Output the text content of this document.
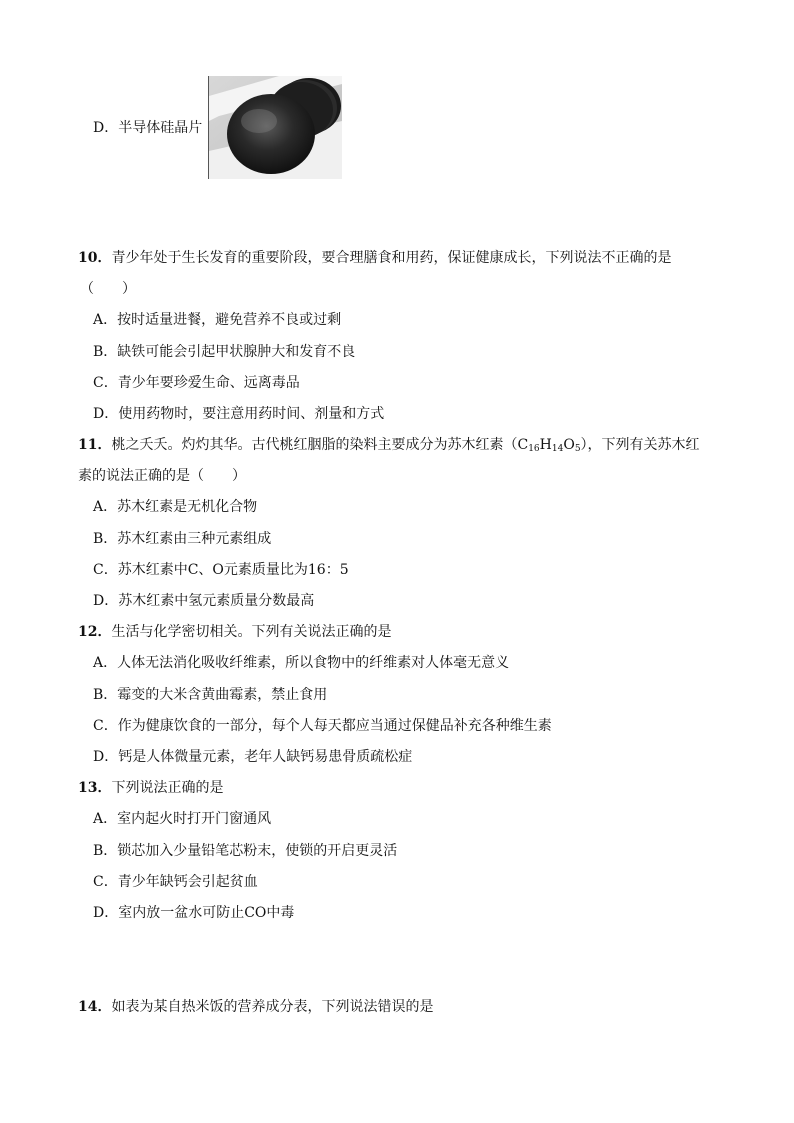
D．半导体硅晶片
10．青少年处于生长发育的重要阶段，要合理膳食和用药，保证健康成长，下列说法不正确的是
（　　）
A．按时适量进餐，避免营养不良或过剩
B．缺铁可能会引起甲状腺肿大和发育不良
C．青少年要珍爱生命、远离毒品
D．使用药物时，要注意用药时间、剂量和方式
11．桃之夭夭。灼灼其华。古代桃红胭脂的染料主要成分为苏木红素$(C_{16}H_{14}O_5)$，下列有关苏木红
素的说法正确的是（　　）
A．苏木红素是无机化合物
B．苏木红素由三种元素组成
C．苏木红素中C、O元素质量比为16：5
D．苏木红素中氢元素质量分数最高
12．生活与化学密切相关。下列有关说法正确的是
A．人体无法消化吸收纤维素，所以食物中的纤维素对人体毫无意义
B．霉变的大米含黄曲霉素，禁止食用
C．作为健康饮食的一部分，每个人每天都应当通过保健品补充各种维生素
D．钙是人体微量元素，老年人缺钙易患骨质疏松症
13．下列说法正确的是
A．室内起火时打开门窗通风
B．锁芯加入少量铅笔芯粉末，使锁的开启更灵活
C．青少年缺钙会引起贫血
D．室内放一盆水可防止CO中毒
14．如表为某自热米饭的营养成分表，下列说法错误的是
